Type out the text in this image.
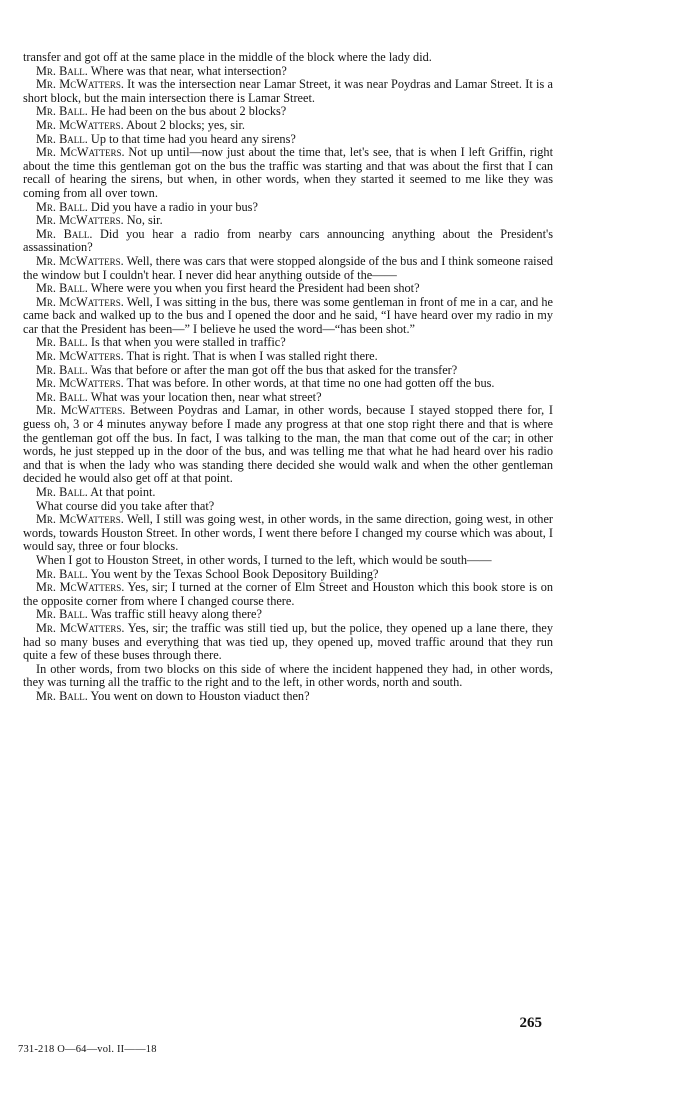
transfer and got off at the same place in the middle of the block where the lady did.

Mr. Ball. Where was that near, what intersection?

Mr. McWatters. It was the intersection near Lamar Street, it was near Poydras and Lamar Street. It is a short block, but the main intersection there is Lamar Street.

Mr. Ball. He had been on the bus about 2 blocks?

Mr. McWatters. About 2 blocks; yes, sir.

Mr. Ball. Up to that time had you heard any sirens?

Mr. McWatters. Not up until—now just about the time that, let's see, that is when I left Griffin, right about the time this gentleman got on the bus the traffic was starting and that was about the first that I can recall of hearing the sirens, but when, in other words, when they started it seemed to me like they was coming from all over town.

Mr. Ball. Did you have a radio in your bus?

Mr. McWatters. No, sir.

Mr. Ball. Did you hear a radio from nearby cars announcing anything about the President's assassination?

Mr. McWatters. Well, there was cars that were stopped alongside of the bus and I think someone raised the window but I couldn't hear. I never did hear anything outside of the——

Mr. Ball. Where were you when you first heard the President had been shot?

Mr. McWatters. Well, I was sitting in the bus, there was some gentleman in front of me in a car, and he came back and walked up to the bus and I opened the door and he said, “I have heard over my radio in my car that the President has been—” I believe he used the word—“has been shot.”

Mr. Ball. Is that when you were stalled in traffic?

Mr. McWatters. That is right. That is when I was stalled right there.

Mr. Ball. Was that before or after the man got off the bus that asked for the transfer?

Mr. McWatters. That was before. In other words, at that time no one had gotten off the bus.

Mr. Ball. What was your location then, near what street?

Mr. McWatters. Between Poydras and Lamar, in other words, because I stayed stopped there for, I guess oh, 3 or 4 minutes anyway before I made any progress at that one stop right there and that is where the gentleman got off the bus. In fact, I was talking to the man, the man that come out of the car; in other words, he just stepped up in the door of the bus, and was telling me that what he had heard over his radio and that is when the lady who was standing there decided she would walk and when the other gentleman decided he would also get off at that point.

Mr. Ball. At that point.

What course did you take after that?

Mr. McWatters. Well, I still was going west, in other words, in the same direction, going west, in other words, towards Houston Street. In other words, I went there before I changed my course which was about, I would say, three or four blocks.

When I got to Houston Street, in other words, I turned to the left, which would be south——

Mr. Ball. You went by the Texas School Book Depository Building?

Mr. McWatters. Yes, sir; I turned at the corner of Elm Street and Houston which this book store is on the opposite corner from where I changed course there.

Mr. Ball. Was traffic still heavy along there?

Mr. McWatters. Yes, sir; the traffic was still tied up, but the police, they opened up a lane there, they had so many buses and everything that was tied up, they opened up, moved traffic around that they run quite a few of these buses through there.

In other words, from two blocks on this side of where the incident happened they had, in other words, they was turning all the traffic to the right and to the left, in other words, north and south.

Mr. Ball. You went on down to Houston viaduct then?

265
731-218 O—64—vol. II——18
